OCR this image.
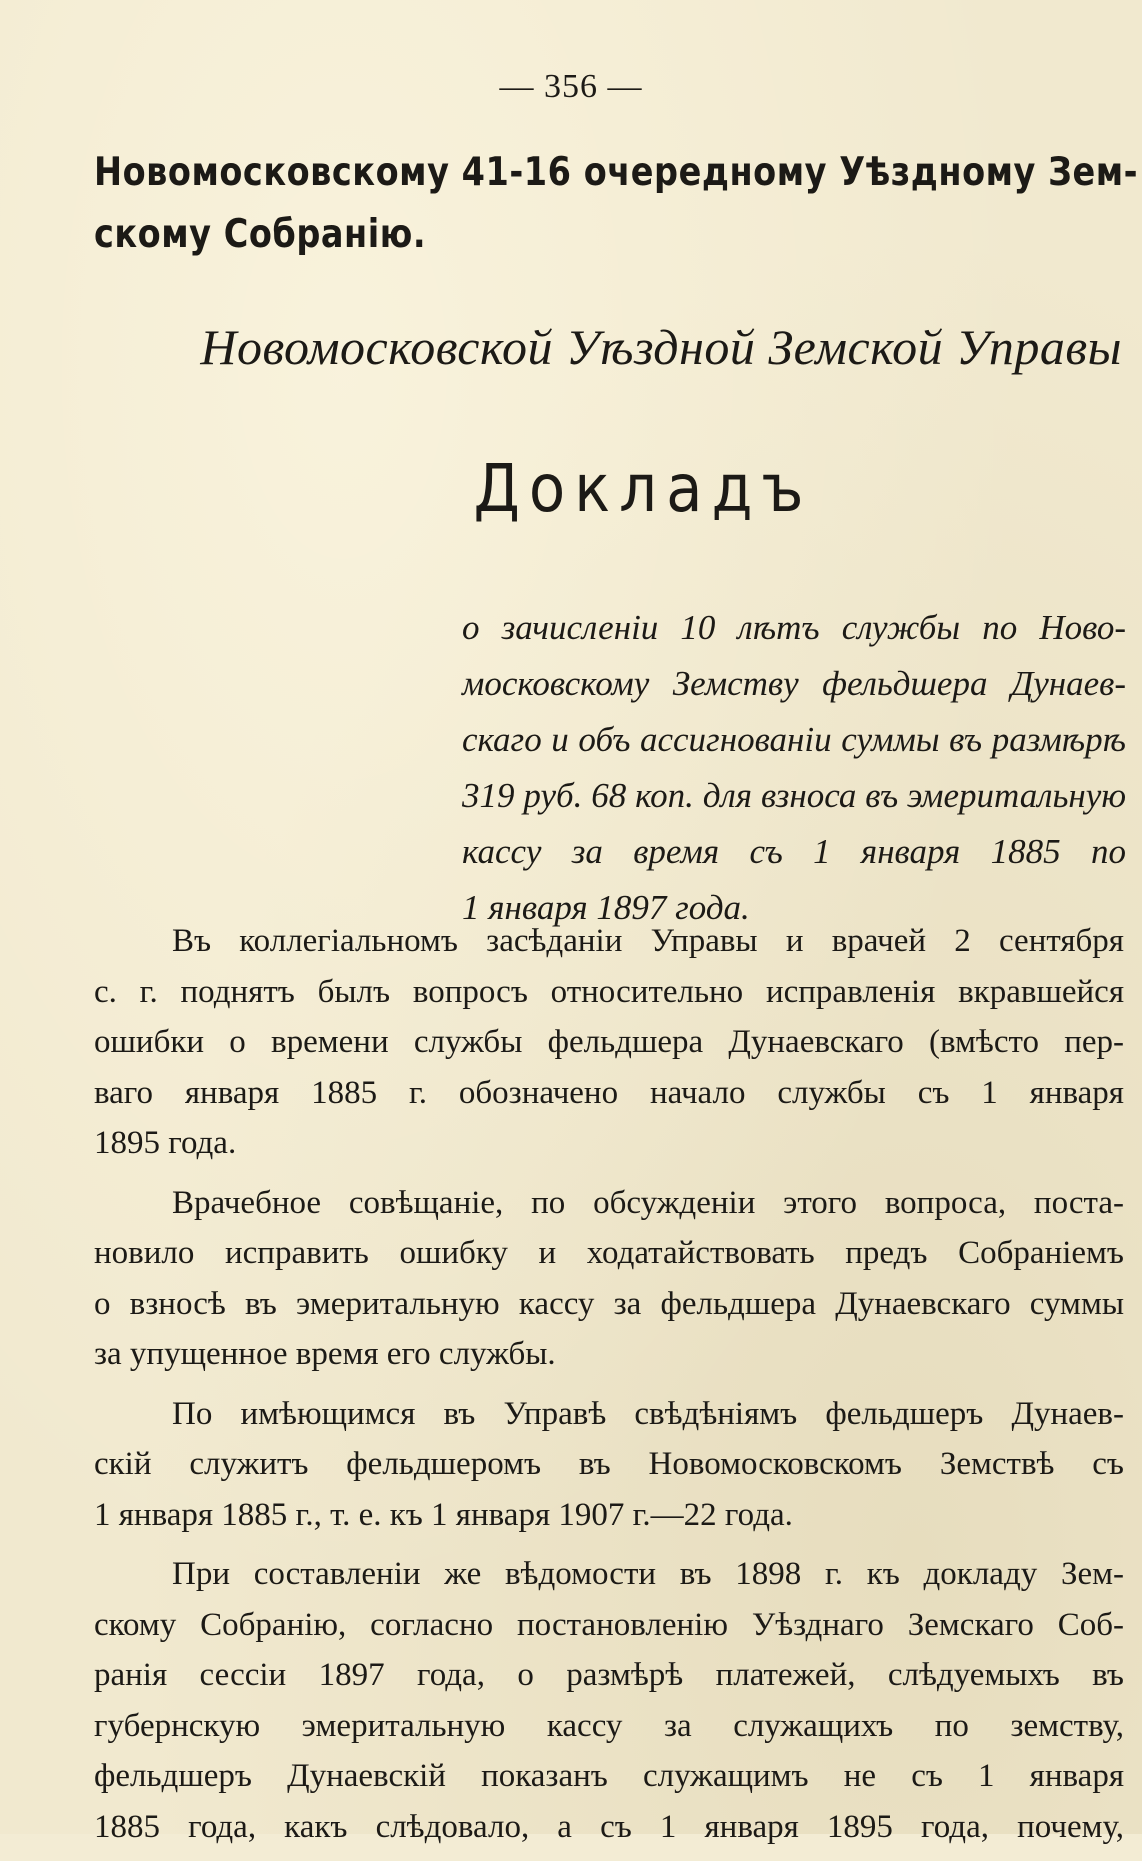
— 356 —
Новомосковскому 41-16 очередному Уѣздному Зем-
скому Собранію.
Новомосковской Уѣздной Земской Управы
Докладъ
о зачисленіи 10 лѣтъ службы по Ново-
московскому Земству фельдшера Дунаев-
скаго и объ ассигнованіи суммы въ размѣрѣ
319 руб. 68 коп. для взноса въ эмеритальную
кассу за время съ 1 января 1885 по
1 января 1897 года.
Въ коллегіальномъ засѣданіи Управы и врачей 2 сентября
с. г. поднятъ былъ вопросъ относительно исправленія вкравшейся
ошибки о времени службы фельдшера Дунаевскаго (вмѣсто пер-
ваго января 1885 г. обозначено начало службы съ 1 января
1895 года.
Врачебное совѣщаніе, по обсужденіи этого вопроса, поста-
новило исправить ошибку и ходатайствовать предъ Собраніемъ
о взносѣ въ эмеритальную кассу за фельдшера Дунаевскаго суммы
за упущенное время его службы.
По имѣющимся въ Управѣ свѣдѣніямъ фельдшеръ Дунаев-
скій служитъ фельдшеромъ въ Новомосковскомъ Земствѣ съ
1 января 1885 г., т. е. къ 1 января 1907 г.—22 года.
При составленіи же вѣдомости въ 1898 г. къ докладу Зем-
скому Собранію, согласно постановленію Уѣзднаго Земскаго Соб-
ранія сессіи 1897 года, о размѣрѣ платежей, слѣдуемыхъ въ
губернскую эмеритальную кассу за служащихъ по земству,
фельдшеръ Дунаевскій показанъ служащимъ не съ 1 января
1885 года, какъ слѣдовало, а съ 1 января 1895 года, почему,
